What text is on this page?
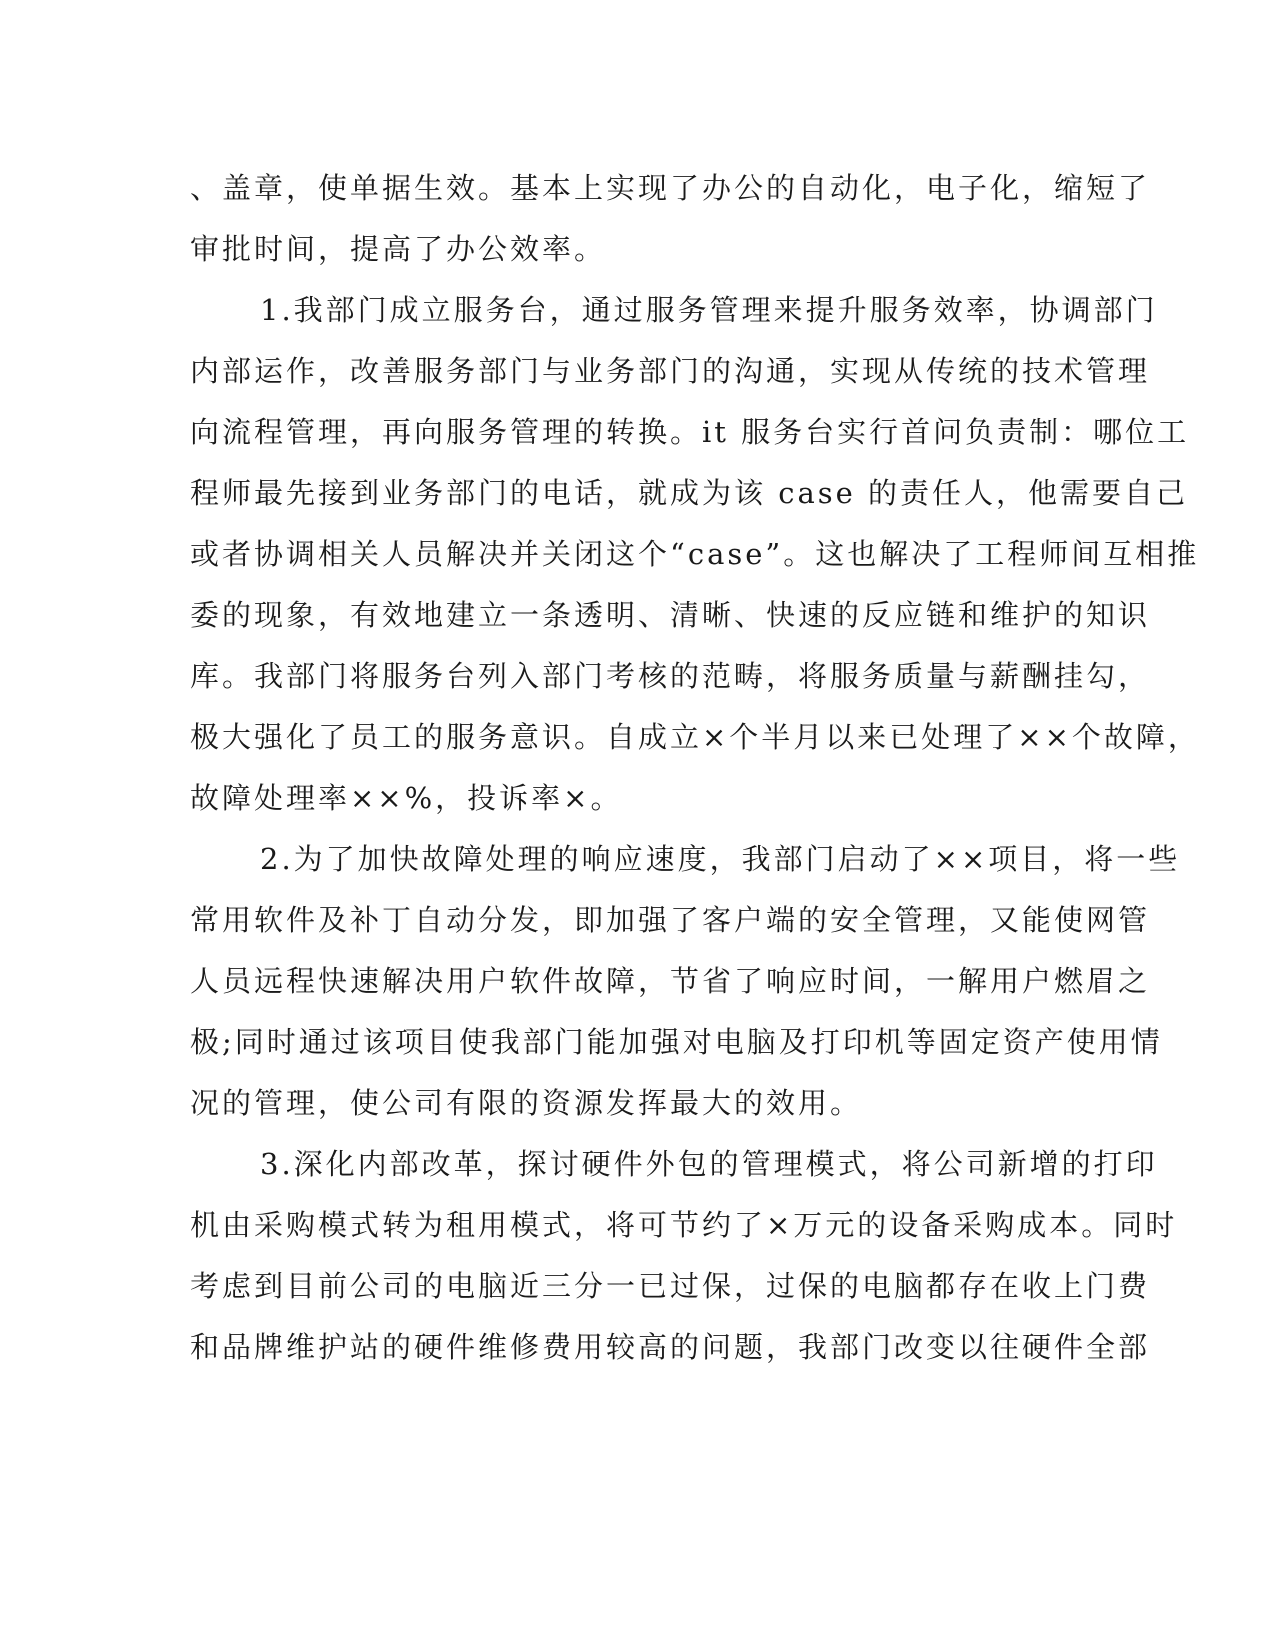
、盖章，使单据生效。基本上实现了办公的自动化，电子化，缩短了
审批时间，提高了办公效率。
1.我部门成立服务台，通过服务管理来提升服务效率，协调部门
内部运作，改善服务部门与业务部门的沟通，实现从传统的技术管理
向流程管理，再向服务管理的转换。it 服务台实行首问负责制：哪位工
程师最先接到业务部门的电话，就成为该 case 的责任人，他需要自己
或者协调相关人员解决并关闭这个“case”。这也解决了工程师间互相推
委的现象，有效地建立一条透明、清晰、快速的反应链和维护的知识
库。我部门将服务台列入部门考核的范畴，将服务质量与薪酬挂勾，
极大强化了员工的服务意识。自成立×个半月以来已处理了××个故障，
故障处理率××%，投诉率×。
2.为了加快故障处理的响应速度，我部门启动了××项目，将一些
常用软件及补丁自动分发，即加强了客户端的安全管理，又能使网管
人员远程快速解决用户软件故障，节省了响应时间，一解用户燃眉之
极;同时通过该项目使我部门能加强对电脑及打印机等固定资产使用情
况的管理，使公司有限的资源发挥最大的效用。
3.深化内部改革，探讨硬件外包的管理模式，将公司新增的打印
机由采购模式转为租用模式，将可节约了×万元的设备采购成本。同时
考虑到目前公司的电脑近三分一已过保，过保的电脑都存在收上门费
和品牌维护站的硬件维修费用较高的问题，我部门改变以往硬件全部
